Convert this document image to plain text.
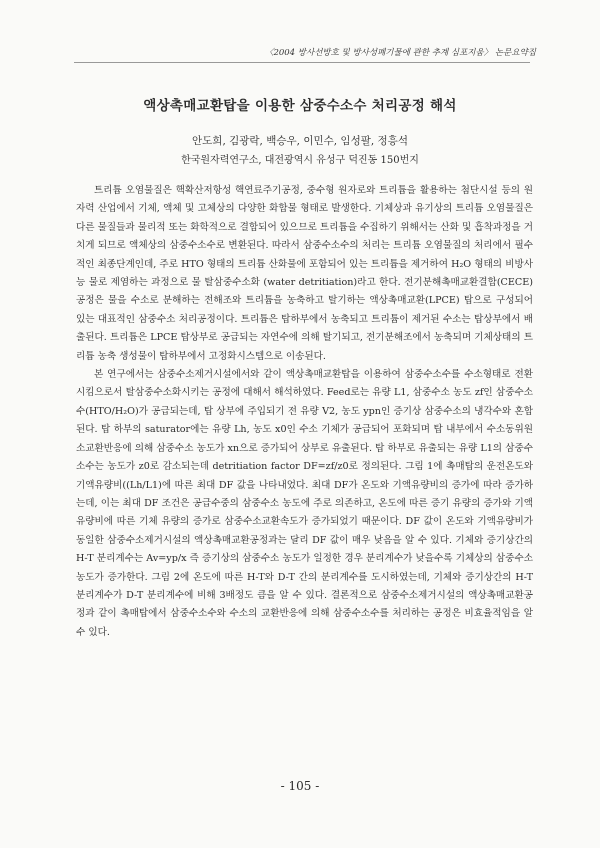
〈2004 방사선방호 및 방사성폐기물에 관한 추계 심포지움〉 논문요약집
액상촉매교환탑을 이용한 삼중수소수 처리공정 해석
안도희, 김광락, 백승우, 이민수, 임성팔, 정흥석
한국원자력연구소, 대전광역시 유성구 덕진동 150번지

트리튬 오염물질은 핵확산저항성 핵연료주기공정, 중수형 원자로와 트리튬을 활용하는 첨단시설 등의 원자력 산업에서 기체, 액체 및 고체상의 다양한 화합물 형태로 발생한다. 기체상과 유기상의 트리튬 오염물질은 다른 물질들과 물리적 또는 화학적으로 결합되어 있으므로 트리튬을 수집하기 위해서는 산화 및 흡착과정을 거치게 되므로 액체상의 삼중수소수로 변환된다. 따라서 삼중수소수의 처리는 트리튬 오염물질의 처리에서 필수적인 최종단계인데, 주로 HTO 형태의 트리튬 산화물에 포함되어 있는 트리튬을 제거하여 H₂O 형태의 비방사능 물로 제염하는 과정으로 물 탈삼중수소화 (water detritiation)라고 한다. 전기분해촉매교환결합(CECE) 공정은 물을 수소로 분해하는 전해조와 트리튬을 농축하고 탈기하는 액상촉매교환(LPCE) 탑으로 구성되어 있는 대표적인 삼중수소 처리공정이다. 트리튬은 탑하부에서 농축되고 트리튬이 제거된 수소는 탑상부에서 배출된다. 트리튬은 LPCE 탑상부로 공급되는 자연수에 의해 탈기되고, 전기분해조에서 농축되며 기체상태의 트리튬 농축 생성물이 탑하부에서 고정화시스템으로 이송된다.

본 연구에서는 삼중수소제거시설에서와 같이 액상촉매교환탑을 이용하여 삼중수소수를 수소형태로 전환시킴으로서 탈삼중수소화시키는 공정에 대해서 해석하였다. Feed로는 유량 L1, 삼중수소 농도 zf인 삼중수소수(HTO/H₂O)가 공급되는데, 탑 상부에 주입되기 전 유량 V2, 농도 ypn인 증기상 삼중수소의 냉각수와 혼합된다. 탑 하부의 saturator에는 유량 Lh, 농도 x0인 수소 기체가 공급되어 포화되며 탑 내부에서 수소동위원소교환반응에 의해 삼중수소 농도가 xn으로 증가되어 상부로 유출된다. 탑 하부로 유출되는 유량 L1의 삼중수소수는 농도가 z0로 감소되는데 detritiation factor DF=zf/z0로 정의된다. 그림 1에 촉매탑의 운전온도와 기액유량비((Lh/L1)에 따른 최대 DF 값을 나타내었다. 최대 DF가 온도와 기액유량비의 증가에 따라 증가하는데, 이는 최대 DF 조건은 공급수중의 삼중수소 농도에 주로 의존하고, 온도에 따른 증기 유량의 증가와 기액유량비에 따른 기체 유량의 증가로 삼중수소교환속도가 증가되었기 때문이다. DF 값이 온도와 기액유량비가 동일한 삼중수소제거시설의 액상촉매교환공정과는 달리 DF 값이 매우 낮음을 알 수 있다. 기체와 증기상간의 H-T 분리계수는 Av=yp/x 즉 증기상의 삼중수소 농도가 일정한 경우 분리계수가 낮을수록 기체상의 삼중수소 농도가 증가한다. 그림 2에 온도에 따른 H-T와 D-T 간의 분리계수를 도시하였는데, 기체와 증기상간의 H-T 분리계수가 D-T 분리계수에 비해 3배정도 큼을 알 수 있다. 결론적으로 삼중수소제거시설의 액상촉매교환공정과 같이 촉매탑에서 삼중수소수와 수소의 교환반응에 의해 삼중수소수를 처리하는 공정은 비효율적임을 알 수 있다.

- 105 -
